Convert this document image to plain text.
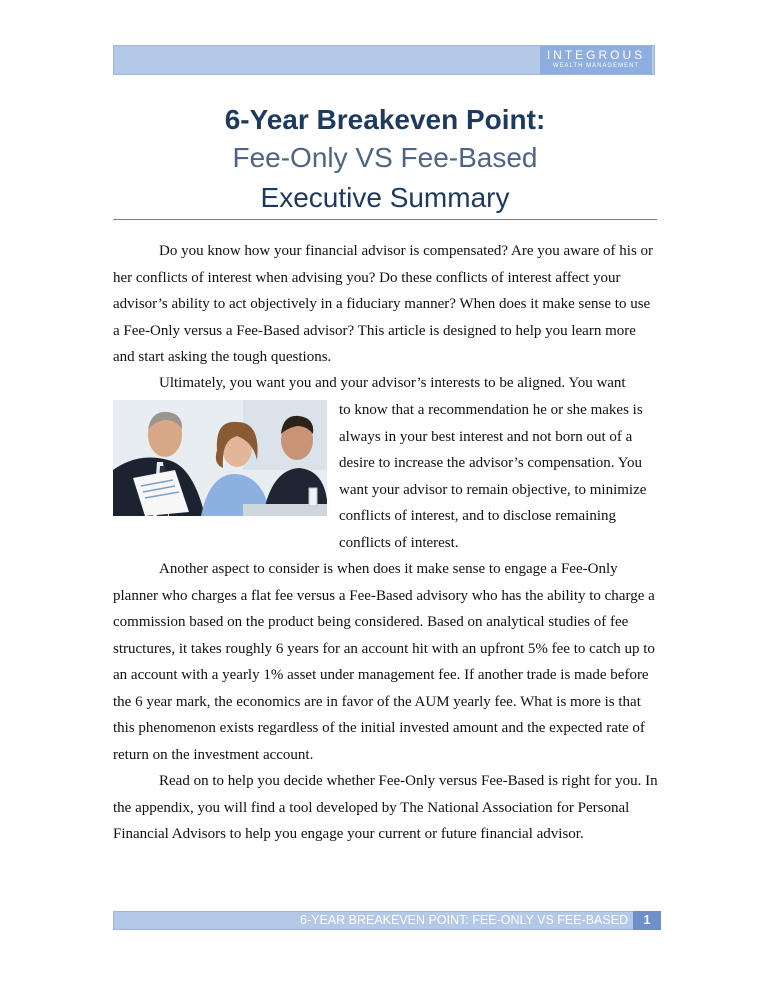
INTEGROUS
WEALTH MANAGEMENT
6-Year Breakeven Point:
Fee-Only VS Fee-Based
Executive Summary

Do you know how your financial advisor is compensated? Are you aware of his or her conflicts of interest when advising you? Do these conflicts of interest affect your advisor’s ability to act objectively in a fiduciary manner? When does it make sense to use a Fee-Only versus a Fee-Based advisor? This article is designed to help you learn more and start asking the tough questions.

Ultimately, you want you and your advisor’s interests to be aligned. You want

to know that a recommendation he or she makes is always in your best interest and not born out of a desire to increase the advisor’s compensation. You want your advisor to remain objective, to minimize conflicts of interest, and to disclose remaining conflicts of interest.

Another aspect to consider is when does it make sense to engage a Fee-Only planner who charges a flat fee versus a Fee-Based advisory who has the ability to charge a commission based on the product being considered. Based on analytical studies of fee structures, it takes roughly 6 years for an account hit with an upfront 5% fee to catch up to an account with a yearly 1% asset under management fee. If another trade is made before the 6 year mark, the economics are in favor of the AUM yearly fee. What is more is that this phenomenon exists regardless of the initial invested amount and the expected rate of return on the investment account.

Read on to help you decide whether Fee-Only versus Fee-Based is right for you. In the appendix, you will find a tool developed by The National Association for Personal Financial Advisors to help you engage your current or future financial advisor.

6-YEAR BREAKEVEN POINT: FEE-ONLY VS FEE-BASED	1
